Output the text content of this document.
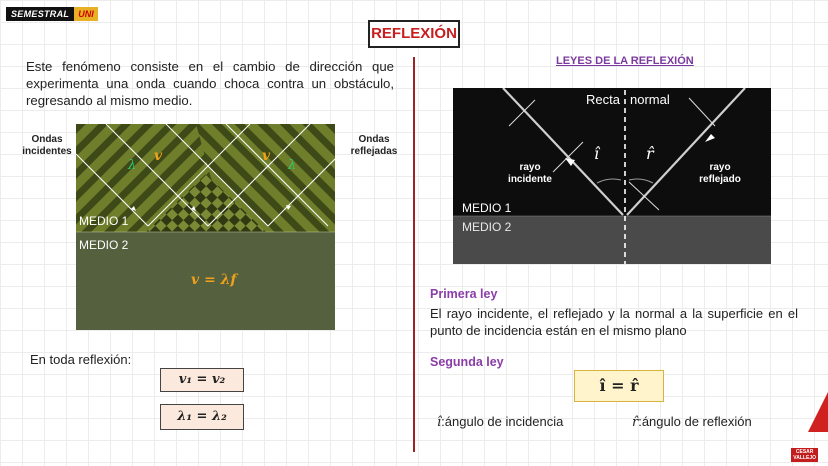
SEMESTRAL	UNI
REFLEXIÓN
Este fenómeno consiste en el cambio de dirección que experimenta una onda cuando choca contra un obstáculo, regresando al mismo medio.
Ondas
incidentes
Ondas
reflejadas
λ
v
λ
v
MEDIO 1
MEDIO 2
v = λf
En toda reflexión:
v₁ = v₂
λ₁ = λ₂
LEYES DE LA REFLEXIÓN
Recta normal
rayo
incidente
rayo
reflejado
î	r̂
MEDIO 1
MEDIO 2
Primera ley
El rayo incidente, el reflejado y la normal a la superficie en el punto de incidencia están en el mismo plano
Segunda ley
î = r̂
î:ángulo de incidencia	r̂:ángulo de reflexión
CESAR
VALLEJO
